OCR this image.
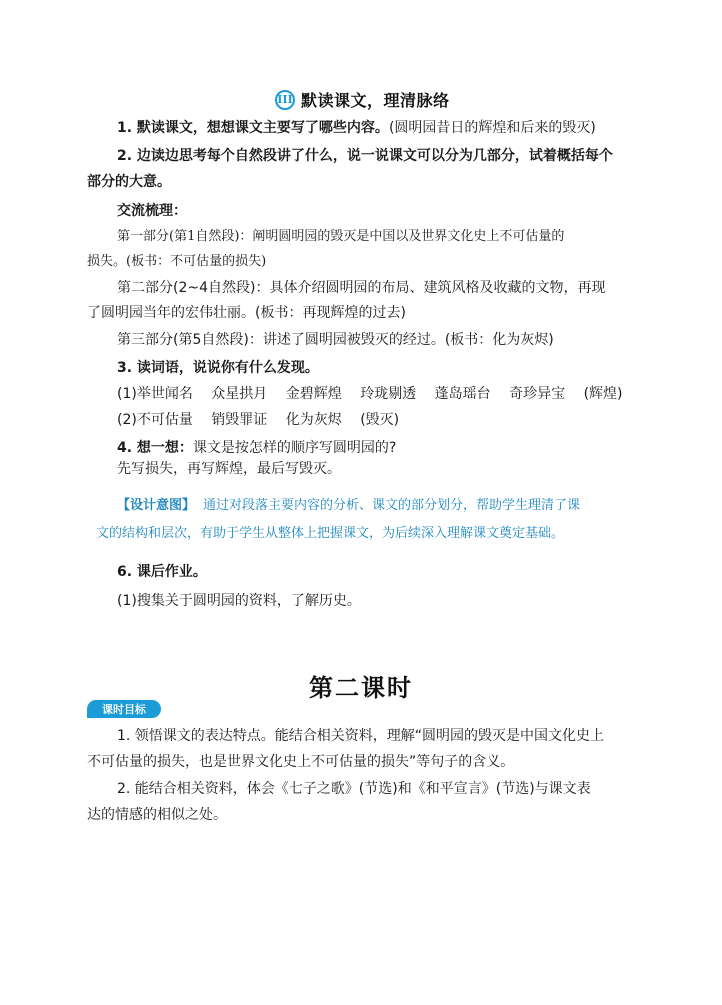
III 默读课文，理清脉络
1. 默读课文，想想课文主要写了哪些内容。(圆明园昔日的辉煌和后来的毁灭)
2. 边读边思考每个自然段讲了什么，说一说课文可以分为几部分，试着概括每个
部分的大意。
交流梳理：
第一部分(第1自然段)：阐明圆明园的毁灭是中国以及世界文化史上不可估量的
损失。(板书：不可估量的损失)
第二部分(2~4自然段)：具体介绍圆明园的布局、建筑风格及收藏的文物，再现
了圆明园当年的宏伟壮丽。(板书：再现辉煌的过去)
第三部分(第5自然段)：讲述了圆明园被毁灭的经过。(板书：化为灰烬)
3. 读词语，说说你有什么发现。
(1)举世闻名 众星拱月 金碧辉煌 玲珑剔透 蓬岛瑶台 奇珍异宝 (辉煌)
(2)不可估量 销毁罪证 化为灰烬 (毁灭)
4. 想一想：课文是按怎样的顺序写圆明园的?
先写损失，再写辉煌，最后写毁灭。
【设计意图】 通过对段落主要内容的分析、课文的部分划分，帮助学生理清了课
文的结构和层次，有助于学生从整体上把握课文，为后续深入理解课文奠定基础。
6. 课后作业。
(1)搜集关于圆明园的资料，了解历史。
第二课时
课时目标
1. 领悟课文的表达特点。能结合相关资料，理解“圆明园的毁灭是中国文化史上
不可估量的损失，也是世界文化史上不可估量的损失”等句子的含义。
2. 能结合相关资料，体会《七子之歌》(节选)和《和平宣言》(节选)与课文表
达的情感的相似之处。
